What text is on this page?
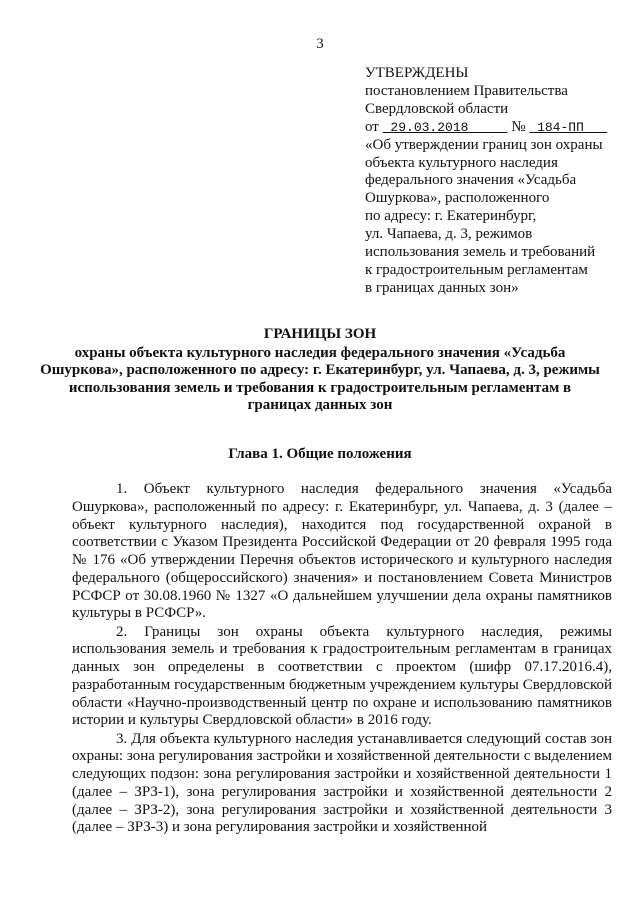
3
УТВЕРЖДЕНЫ
постановлением Правительства
Свердловской области
от 29.03.2018	№ 184-ПП
«Об утверждении границ зон охраны
объекта культурного наследия
федерального значения «Усадьба
Ошуркова», расположенного
по адресу: г. Екатеринбург,
ул. Чапаева, д. 3, режимов
использования земель и требований
к градостроительным регламентам
в границах данных зон»
ГРАНИЦЫ ЗОН
охраны объекта культурного наследия федерального значения «Усадьба Ошуркова», расположенного по адресу: г. Екатеринбург, ул. Чапаева, д. 3, режимы использования земель и требования к градостроительным регламентам в границах данных зон
Глава 1. Общие положения

1. Объект культурного наследия федерального значения «Усадьба Ошуркова», расположенный по адресу: г. Екатеринбург, ул. Чапаева, д. 3 (далее – объект культурного наследия), находится под государственной охраной в соответствии с Указом Президента Российской Федерации от 20 февраля 1995 года № 176 «Об утверждении Перечня объектов исторического и культурного наследия федерального (общероссийского) значения» и постановлением Совета Министров РСФСР от 30.08.1960 № 1327 «О дальнейшем улучшении дела охраны памятников культуры в РСФСР».

2. Границы зон охраны объекта культурного наследия, режимы использования земель и требования к градостроительным регламентам в границах данных зон определены в соответствии с проектом (шифр 07.17.2016.4), разработанным государственным бюджетным учреждением культуры Свердловской области «Научно-производственный центр по охране и использованию памятников истории и культуры Свердловской области» в 2016 году.

3. Для объекта культурного наследия устанавливается следующий состав зон охраны: зона регулирования застройки и хозяйственной деятельности с выделением следующих подзон: зона регулирования застройки и хозяйственной деятельности 1 (далее – ЗРЗ-1), зона регулирования застройки и хозяйственной деятельности 2 (далее – ЗРЗ-2), зона регулирования застройки и хозяйственной деятельности 3 (далее – ЗРЗ-3) и зона регулирования застройки и хозяйственной
